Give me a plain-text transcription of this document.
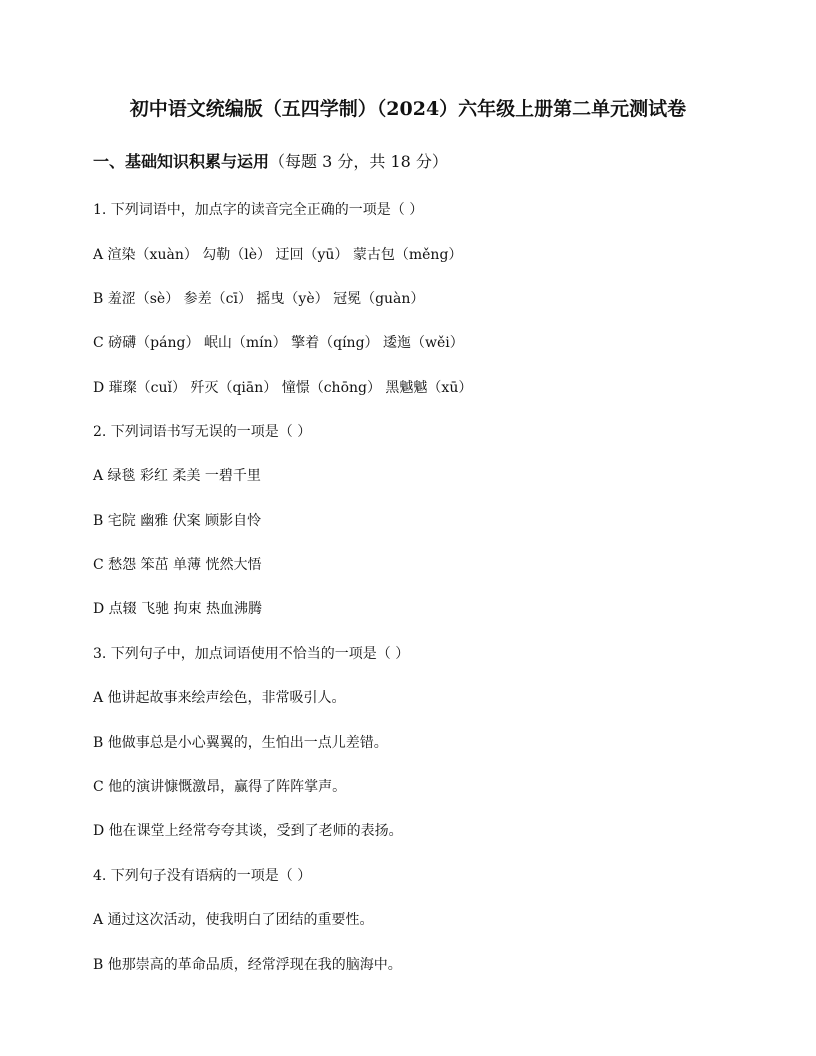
初中语文统编版（五四学制）（2024）六年级上册第二单元测试卷
一、基础知识积累与运用（每题 3 分，共 18 分）

1. 下列词语中，加点字的读音完全正确的一项是（ ）

A 渲染（xuàn） 勾勒（lè） 迂回（yū） 蒙古包（měng）

B 羞涩（sè） 参差（cī） 摇曳（yè） 冠冕（guàn）

C 磅礴（páng） 岷山（mín） 擎着（qíng） 逶迤（wěi）

D 璀璨（cuǐ） 歼灭（qiān） 憧憬（chōng） 黑魆魆（xū）

2. 下列词语书写无误的一项是（ ）

A 绿毯 彩红 柔美 一碧千里

B 宅院 幽雅 伏案 顾影自怜

C 愁怨 笨茁 单薄 恍然大悟

D 点辍 飞驰 拘束 热血沸腾

3. 下列句子中，加点词语使用不恰当的一项是（ ）

A 他讲起故事来绘声绘色，非常吸引人。

B 他做事总是小心翼翼的，生怕出一点儿差错。

C 他的演讲慷慨激昂，赢得了阵阵掌声。

D 他在课堂上经常夸夸其谈，受到了老师的表扬。

4. 下列句子没有语病的一项是（ ）

A 通过这次活动，使我明白了团结的重要性。

B 他那崇高的革命品质，经常浮现在我的脑海中。
